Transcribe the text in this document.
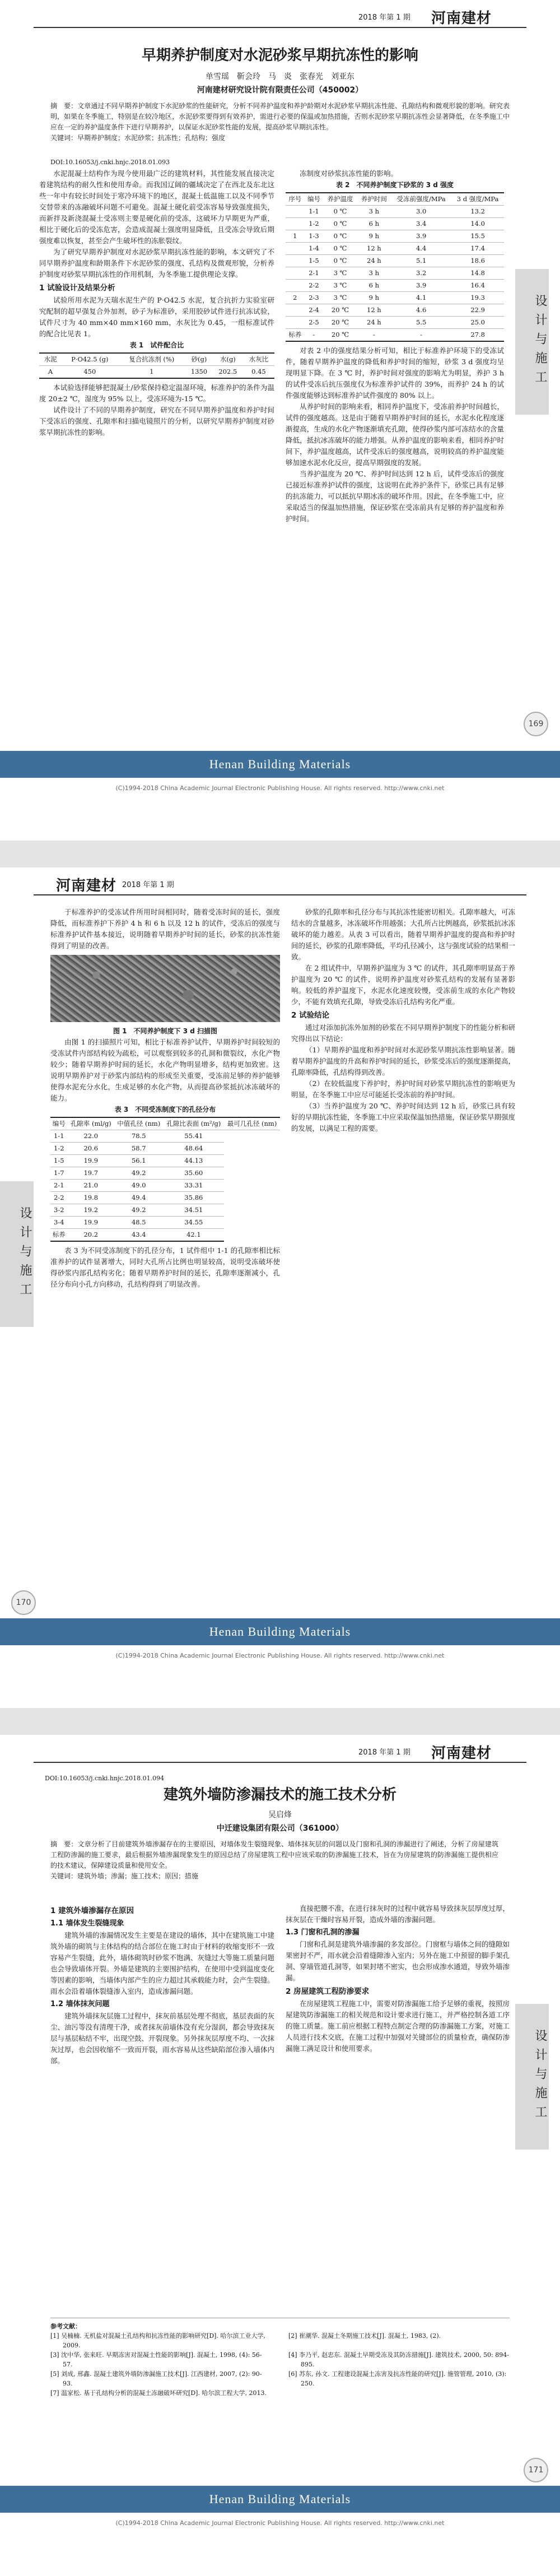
2018 年第 1 期 河南建材
早期养护制度对水泥砂浆早期抗冻性的影响
单雪瑶　靳会玲　马　炎　张春光　刘亚东
河南建材研究设计院有限责任公司（450002）
摘　要：文章通过不同早期养护制度下水泥砂浆的性能研究，分析不同养护温度和养护龄期对水泥砂浆早期抗冻性能、孔隙结构和微观形貌的影响。研究表明，如果在冬季施工，特别是在较冷地区，水泥砂浆要得到有效养护，需进行必要的保温或加热措施，否则水泥砂浆早期抗冻性会显著降低，在冬季施工中应在一定的养护温度条件下进行早期养护，以保证水泥砂浆性能的发展，提高砂浆早期抗冻性。
关键词：早期养护制度；水泥砂浆；抗冻性；孔结构；强度
DOI:10.16053/j.cnki.hnjc.2018.01.093

水泥混凝土结构作为现今使用最广泛的建筑材料，其性能发展直接决定着建筑结构的耐久性和使用寿命。而我国辽阔的疆域决定了在西北及东北这些一年中有较长时间处于寒冷环境下的地区，混凝土低温施工以及不同季节交替带来的冻融破坏问题不可避免。混凝土硬化前受冻容易导致强度损失，而新拌及新浇混凝土受冻则主要是硬化前的受冻，这破坏力早期更为严重，相比于硬化后的受冻危害，会造成混凝土强度明显降低，且受冻会导致后期强度难以恢复，甚至会产生破坏性的冻胀裂纹。

为了研究早期养护制度对水泥砂浆早期抗冻性能的影响，本文研究了不同早期养护温度和龄期条件下水泥砂浆的强度、孔结构及微观形貌，分析养护制度对砂浆早期抗冻性的作用机制，为冬季施工提供理论支撑。

1 试验设计及结果分析

试验所用水泥为天瑞水泥生产的 P·O42.5 水泥，复合抗折力实验室研究配制的超早强复合外加剂，砂子为标准砂，采用胶砂试件进行抗冻试验，试件尺寸为 40 mm×40 mm×160 mm，水灰比为 0.45，一组标准试件的配合比见表 1。

表 1　试件配合比

水泥	P·O42.5 (g)	复合抗冻剂 (%)	砂(g)	水(g)	水灰比
A	450	1	1350	202.5	0.45

本试验选择能够把混凝土/砂浆保持稳定温湿环境，标准养护的条件为温度 20±2 ℃，湿度为 95% 以上，受冻环境为-15 ℃。

试件设计了不同的早期养护制度，研究在不同早期养护温度和养护时间下受冻后的强度、孔隙率和扫描电镜照片的分析，以研究早期养护制度对砂浆早期抗冻性的影响。

冻制度对砂浆抗冻性能的影响。

表 2　不同养护制度下砂浆的 3 d 强度

序号	编号	养护温度	养护时间	受冻前强度/MPa	3 d 强度/MPa
	1-1	0 ℃	3 h	3.0	13.2
	1-2	0 ℃	6 h	3.4	14.0
1	1-3	0 ℃	9 h	3.9	15.5
	1-4	0 ℃	12 h	4.4	17.4
	1-5	0 ℃	24 h	5.1	18.6
	2-1	3 ℃	3 h	3.2	14.8
	2-2	3 ℃	6 h	3.9	16.4
2	2-3	3 ℃	9 h	4.1	19.3
	2-4	20 ℃	12 h	4.6	22.9
	2-5	20 ℃	24 h	5.5	25.0
标养	-	20 ℃	-	-	27.8

对表 2 中的强度结果分析可知，相比于标准养护环境下的受冻试件，随着早期养护温度的降低和养护时间的缩短，砂浆 3 d 强度均呈现明显下降。在 3 ℃ 时，养护时间对强度的影响尤为明显，养护 3 h 的试件受冻后抗压强度仅为标准养护试件的 39%，而养护 24 h 的试件强度能够达到标准养护试件强度的 80% 以上。

从养护时间的影响来看，相同养护温度下，受冻前养护时间越长，试件的强度越高。这是由于随着早期养护时间的延长，水泥水化程度逐渐提高，生成的水化产物逐渐填充孔隙，使得砂浆内部可冻结水的含量降低，抵抗冰冻破坏的能力增强。从养护温度的影响来看，相同养护时间下，养护温度越高，试件受冻后的强度越高，说明较高的养护温度能够加速水泥水化反应，提高早期强度的发展。

当养护温度为 20 ℃、养护时间达到 12 h 后，试件受冻后的强度已接近标准养护试件的强度，这说明在此养护条件下，砂浆已具有足够的抗冻能力，可以抵抗早期冰冻的破坏作用。因此，在冬季施工中，应采取适当的保温加热措施，保证砂浆在受冻前具有足够的养护温度和养护时间。

设计与施工
169
Henan Building Materials
(C)1994-2018 China Academic Journal Electronic Publishing House. All rights reserved. http://www.cnki.net
河南建材 2018 年第 1 期

于标准养护的受冻试件所用时间相同时，随着受冻时间的延长，强度降低，而标准养护下养护 4 h 和 6 h 以及 12 h 的试件，受冻后的强度与标准养护试件基本接近，说明随着早期养护时间的延长，砂浆的抗冻性能得到了明显的改善。

图 1　不同养护制度下 3 d 扫描图

由图 1 的扫描照片可知，相比于标准养护试件，早期养护时间较短的受冻试件内部结构较为疏松，可以观察到较多的孔洞和微裂纹，水化产物较少；随着早期养护时间的延长，水化产物明显增多，结构更加致密。这说明早期养护对于砂浆内部结构的形成至关重要，受冻前足够的养护能够使得水泥充分水化，生成足够的水化产物，从而提高砂浆抵抗冰冻破坏的能力。

表 3　不同受冻制度下的孔径分布

编号	孔隙率 (ml/g)	中值孔径 (nm)	孔隙比表面 (m²/g)	最可几孔径 (nm)
1-1	22.0	78.5	55.41	
1-2	20.6	58.7	48.64	
1-5	19.9	56.1	44.13	
1-7	19.7	49.2	35.60	
2-1	21.0	49.0	33.31	
2-2	19.8	49.4	35.86	
3-2	19.2	49.2	34.51	
3-4	19.9	48.5	34.55	
标养	20.2	43.4	42.1	

表 3 为不同受冻制度下的孔径分布，1 试件组中 1-1 的孔隙率相比标准养护的试件显著增大，同时大孔所占比例也明显较高，说明受冻破坏使得砂浆内部孔结构劣化；随着早期养护时间的延长，孔隙率逐渐减小，孔径分布向小孔方向移动，孔结构得到了明显改善。

砂浆的孔隙率和孔径分布与其抗冻性能密切相关。孔隙率越大，可冻结水的含量越多，冰冻破坏作用越强；大孔所占比例越高，砂浆抵抗冰冻破坏的能力越差。从表 3 可以看出，随着早期养护温度的提高和养护时间的延长，砂浆的孔隙率降低，平均孔径减小，这与强度试验的结果相一致。

在 2 组试件中，早期养护温度为 3 ℃ 的试件，其孔隙率明显高于养护温度为 20 ℃ 的试件，说明养护温度对砂浆孔结构的发展有显著影响。较低的养护温度下，水泥水化速度较慢，受冻前生成的水化产物较少，不能有效填充孔隙，导致受冻后孔结构劣化严重。

2 试验结论

通过对添加抗冻外加剂的砂浆在不同早期养护制度下的性能分析和研究得出以下结论：

（1）早期养护温度和养护时间对水泥砂浆早期抗冻性影响显著。随着早期养护温度的升高和养护时间的延长，砂浆受冻后的强度逐渐提高，孔隙率降低，孔结构得到改善。

（2）在较低温度下养护时，养护时间对砂浆早期抗冻性的影响更为明显，在冬季施工中应尽可能延长受冻前的养护时间。

（3）当养护温度为 20 ℃、养护时间达到 12 h 后，砂浆已具有较好的早期抗冻性能，冬季施工中应采取保温加热措施，保证砂浆早期强度的发展，以满足工程的需要。

设计与施工
170
Henan Building Materials
(C)1994-2018 China Academic Journal Electronic Publishing House. All rights reserved. http://www.cnki.net
2018 年第 1 期 河南建材
DOI:10.16053/j.cnki.hnjc.2018.01.094
建筑外墙防渗漏技术的施工技术分析
吴启烽
中迁建设集团有限公司（361000）
摘　要：文章分析了目前建筑外墙渗漏存在的主要原因，对墙体发生裂缝现象、墙体抹灰层的问题以及门窗和孔洞的渗漏进行了阐述，分析了房屋建筑工程防渗漏的施工要求，最后根据外墙渗漏现象发生的原因总结了房屋建筑工程中应该采取的防渗漏施工技术，旨在为房屋建筑的防渗漏施工提供相应的技术建议，保障建设质量和使用安全。
关键词：建筑外墙；渗漏；施工技术；原因；措施
1 建筑外墙渗漏存在原因
1.1 墙体发生裂缝现象

建筑外墙的渗漏情况发生主要是在建设的墙体，其中在建筑施工中建筑外墙的砌筑与主体结构的结合部位在施工时由于材料的收缩变形不一致容易产生裂缝，此外，墙体砌筑时砂浆不饱满、灰缝过大等施工质量问题也会导致墙体开裂。外墙是建筑的主要围护结构，在使用中受到温度变化等因素的影响，当墙体内部产生的应力超过其承载能力时，会产生裂缝。雨水会沿着墙体裂缝渗入室内，造成渗漏问题。

1.2 墙体抹灰问题

建筑外墙抹灰层施工过程中，抹灰前基层处理不彻底，基层表面的灰尘、油污等没有清理干净，或者抹灰前墙体没有充分湿润，都会导致抹灰层与基层粘结不牢，出现空鼓、开裂现象。另外抹灰层厚度不均、一次抹灰过厚，也会因收缩不一致而开裂，雨水容易从这些缺陷部位渗入墙体内部。

直接把腰不准，在进行抹灰时的过程中就容易导致抹灰层厚度过厚，抹灰层在干燥时容易开裂，造成外墙的渗漏问题。

1.3 门窗和孔洞的渗漏

门窗和孔洞是建筑外墙渗漏的多发部位。门窗框与墙体之间的缝隙如果密封不严，雨水就会沿着缝隙渗入室内；另外在施工中预留的脚手架孔洞、穿墙管道孔洞等，如果封堵不密实，也会形成渗水通道，导致外墙渗漏。

2 房屋建筑工程防渗要求

在房屋建筑工程施工中，需要对防渗漏施工给予足够的重视，按照房屋建筑防渗漏施工的相关规范和设计要求进行施工，并严格控制各道工序的施工质量。施工前应根据工程特点制定合理的防渗漏施工方案，对施工人员进行技术交底，在施工过程中加强对关键部位的质量检查，确保防渗漏施工满足设计和使用要求。

参考文献：
[1] 吴楠楠. 无机盐对混凝土孔结构和抗冻性能的影响研究[D]. 哈尔滨工业大学, 2009.
[2] 崔潮华. 混凝土冬期施工技术[J]. 混凝土, 1983, (2).
[3] 沈中华, 张来旺. 早期冻害对混凝土性能的影响[J]. 混凝土, 1998, (4): 56-57.
[4] 李乃平, 赵忠东. 混凝土早期受冻及其防冻措施[J]. 建筑技术, 2000, 50: 894-895.
[5] 刘成, 邢鑫. 混凝土建筑外墙防渗漏施工技术[J]. 江西建材, 2007, (2): 90-93.
[6] 苏东, 孙文. 工程建设混凝土冻害及抗冻性能的研究[J]. 施管管理, 2010, (3): 250.
[7] 温家松. 基于孔结构分析的混凝土冻融破坏研究[D]. 哈尔滨工程大学, 2013.
设计与施工
171
Henan Building Materials
(C)1994-2018 China Academic Journal Electronic Publishing House. All rights reserved. http://www.cnki.net
